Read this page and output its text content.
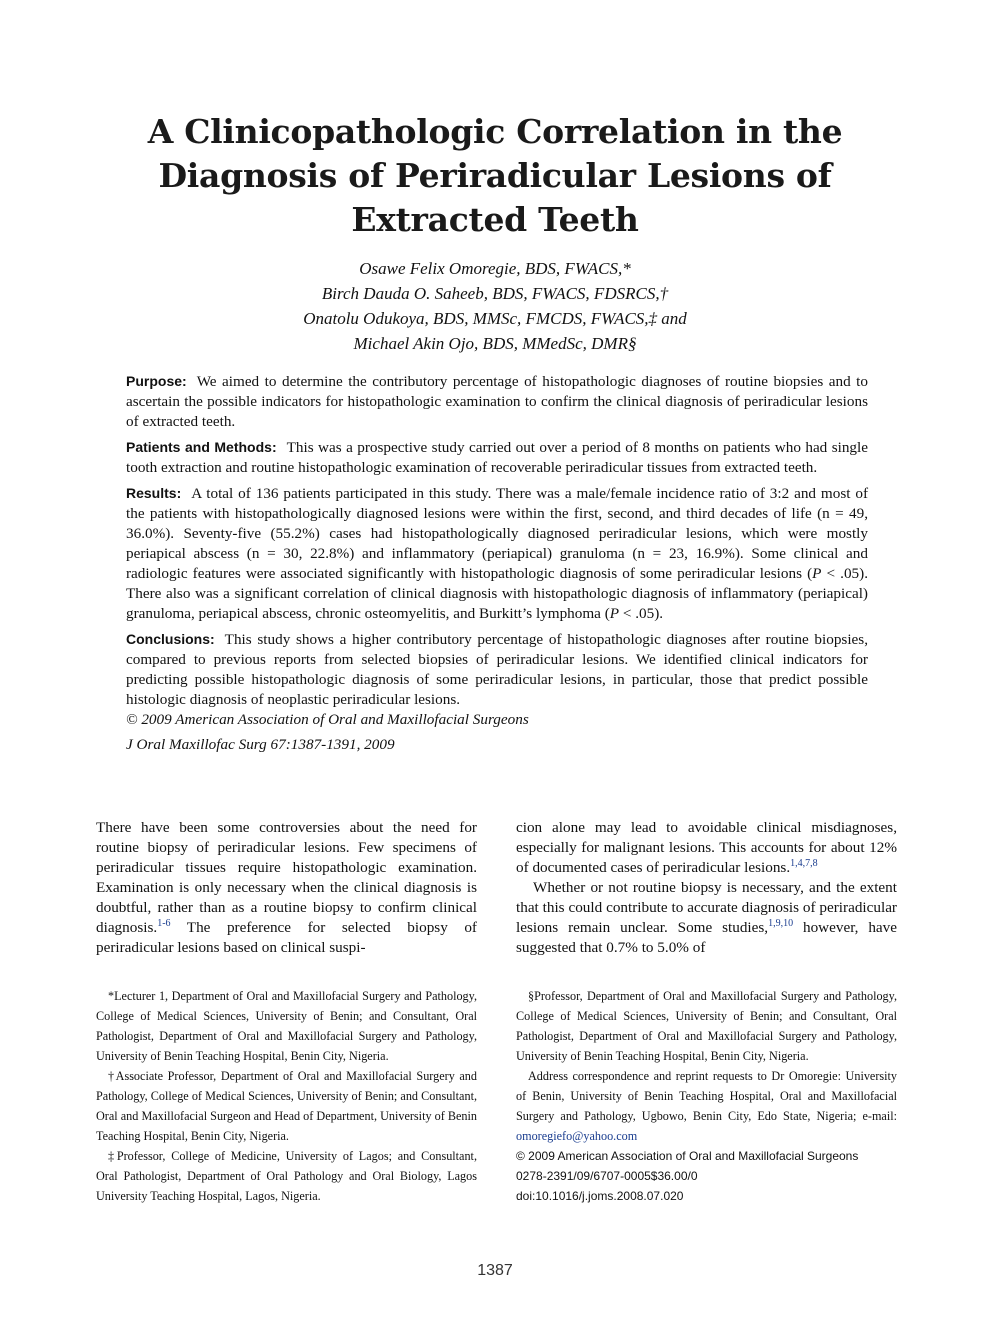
A Clinicopathologic Correlation in the
Diagnosis of Periradicular Lesions of
Extracted Teeth
Osawe Felix Omoregie, BDS, FWACS,*
Birch Dauda O. Saheeb, BDS, FWACS, FDSRCS,†
Onatolu Odukoya, BDS, MMSc, FMCDS, FWACS,‡ and
Michael Akin Ojo, BDS, MMedSc, DMR§

Purpose: We aimed to determine the contributory percentage of histopathologic diagnoses of routine biopsies and to ascertain the possible indicators for histopathologic examination to confirm the clinical diagnosis of periradicular lesions of extracted teeth.

Patients and Methods: This was a prospective study carried out over a period of 8 months on patients who had single tooth extraction and routine histopathologic examination of recoverable periradicular tissues from extracted teeth.

Results: A total of 136 patients participated in this study. There was a male/female incidence ratio of 3:2 and most of the patients with histopathologically diagnosed lesions were within the first, second, and third decades of life (n = 49, 36.0%). Seventy-five (55.2%) cases had histopathologically diagnosed periradicular lesions, which were mostly periapical abscess (n = 30, 22.8%) and inflammatory (periapical) granuloma (n = 23, 16.9%). Some clinical and radiologic features were associated significantly with histopathologic diagnosis of some periradicular lesions (P < .05). There also was a significant correlation of clinical diagnosis with histopathologic diagnosis of inflammatory (periapical) granuloma, periapical abscess, chronic osteomyelitis, and Burkitt’s lymphoma (P < .05).

Conclusions: This study shows a higher contributory percentage of histopathologic diagnoses after routine biopsies, compared to previous reports from selected biopsies of periradicular lesions. We identified clinical indicators for predicting possible histopathologic diagnosis of some periradicular lesions, in particular, those that predict possible histologic diagnosis of neoplastic periradicular lesions.

© 2009 American Association of Oral and Maxillofacial Surgeons

J Oral Maxillofac Surg 67:1387-1391, 2009

There have been some controversies about the need for routine biopsy of periradicular lesions. Few specimens of periradicular tissues require histopathologic examination. Examination is only necessary when the clinical diagnosis is doubtful, rather than as a routine biopsy to confirm clinical diagnosis.$^{1-6}$ The preference for selected biopsy of periradicular lesions based on clinical suspi-

cion alone may lead to avoidable clinical misdiagnoses, especially for malignant lesions. This accounts for about 12% of documented cases of periradicular lesions.$^{1,4,7,8}$

Whether or not routine biopsy is necessary, and the extent that this could contribute to accurate diagnosis of periradicular lesions remain unclear. Some studies,$^{1,9,10}$ however, have suggested that 0.7% to 5.0% of

*Lecturer 1, Department of Oral and Maxillofacial Surgery and Pathology, College of Medical Sciences, University of Benin; and Consultant, Oral Pathologist, Department of Oral and Maxillofacial Surgery and Pathology, University of Benin Teaching Hospital, Benin City, Nigeria.

†Associate Professor, Department of Oral and Maxillofacial Surgery and Pathology, College of Medical Sciences, University of Benin; and Consultant, Oral and Maxillofacial Surgeon and Head of Department, University of Benin Teaching Hospital, Benin City, Nigeria.

‡Professor, College of Medicine, University of Lagos; and Consultant, Oral Pathologist, Department of Oral Pathology and Oral Biology, Lagos University Teaching Hospital, Lagos, Nigeria.

§Professor, Department of Oral and Maxillofacial Surgery and Pathology, College of Medical Sciences, University of Benin; and Consultant, Oral Pathologist, Department of Oral and Maxillofacial Surgery and Pathology, University of Benin Teaching Hospital, Benin City, Nigeria.

Address correspondence and reprint requests to Dr Omoregie: University of Benin, University of Benin Teaching Hospital, Oral and Maxillofacial Surgery and Pathology, Ugbowo, Benin City, Edo State, Nigeria; e-mail: omoregiefo@yahoo.com

© 2009 American Association of Oral and Maxillofacial Surgeons

0278-2391/09/6707-0005$36.00/0

doi:10.1016/j.joms.2008.07.020

1387
